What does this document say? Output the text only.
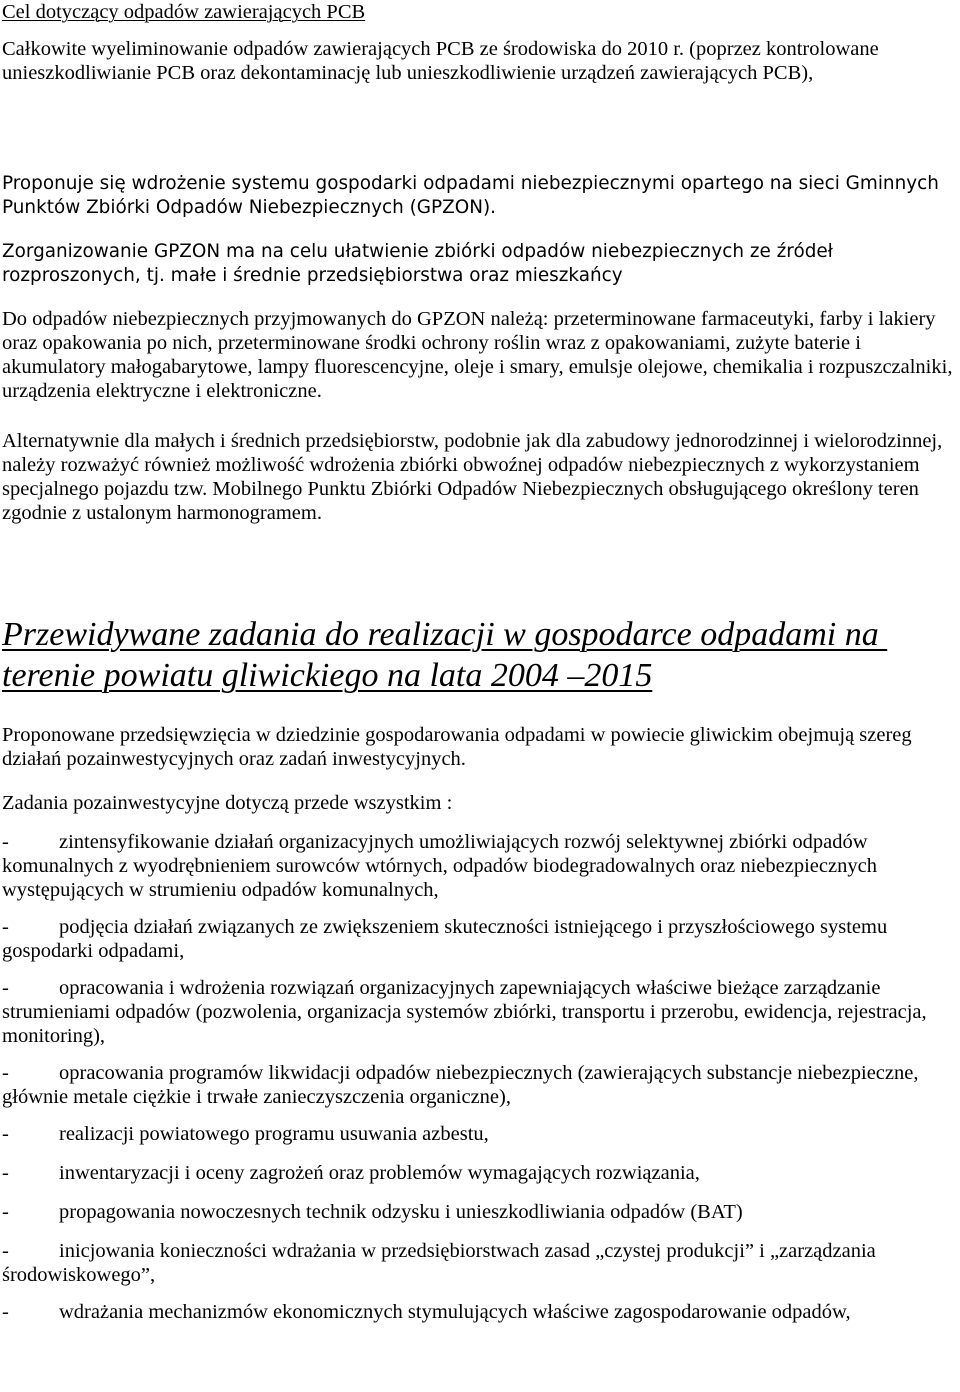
Cel dotyczący odpadów zawierających PCB

Całkowite wyeliminowanie odpadów zawierających PCB ze środowiska do 2010 r. (poprzez kontrolowane unieszkodliwianie PCB oraz dekontaminację lub unieszkodliwienie urządzeń zawierających PCB),

Proponuje się wdrożenie systemu gospodarki odpadami niebezpiecznymi opartego na sieci Gminnych Punktów Zbiórki Odpadów Niebezpiecznych (GPZON).

Zorganizowanie GPZON ma na celu ułatwienie zbiórki odpadów niebezpiecznych ze źródeł rozproszonych, tj. małe i średnie przedsiębiorstwa oraz mieszkańcy

Do odpadów niebezpiecznych przyjmowanych do GPZON należą: przeterminowane farmaceutyki, farby i lakiery oraz opakowania po nich, przeterminowane środki ochrony roślin wraz z opakowaniami, zużyte baterie i akumulatory małogabarytowe, lampy fluorescencyjne, oleje i smary, emulsje olejowe, chemikalia i rozpuszczalniki, urządzenia elektryczne i elektroniczne.

Alternatywnie dla małych i średnich przedsiębiorstw, podobnie jak dla zabudowy jednorodzinnej i wielorodzinnej, należy rozważyć również możliwość wdrożenia zbiórki obwoźnej odpadów niebezpiecznych z wykorzystaniem specjalnego pojazdu tzw. Mobilnego Punktu Zbiórki Odpadów Niebezpiecznych obsługującego określony teren zgodnie z ustalonym harmonogramem.

Przewidywane zadania do realizacji w gospodarce odpadami na
terenie powiatu gliwickiego na lata 2004 –2015

Proponowane przedsięwzięcia w dziedzinie gospodarowania odpadami w powiecie gliwickim obejmują szereg działań pozainwestycyjnych oraz zadań inwestycyjnych.

Zadania pozainwestycyjne dotyczą przede wszystkim :

- zintensyfikowanie działań organizacyjnych umożliwiających rozwój selektywnej zbiórki odpadów komunalnych z wyodrębnieniem surowców wtórnych, odpadów biodegradowalnych oraz niebezpiecznych występujących w strumieniu odpadów komunalnych,

- podjęcia działań związanych ze zwiększeniem skuteczności istniejącego i przyszłościowego systemu gospodarki odpadami,

- opracowania i wdrożenia rozwiązań organizacyjnych zapewniających właściwe bieżące zarządzanie strumieniami odpadów (pozwolenia, organizacja systemów zbiórki, transportu i przerobu, ewidencja, rejestracja, monitoring),

- opracowania programów likwidacji odpadów niebezpiecznych (zawierających substancje niebezpieczne, głównie metale ciężkie i trwałe zanieczyszczenia organiczne),

- realizacji powiatowego programu usuwania azbestu,

- inwentaryzacji i oceny zagrożeń oraz problemów wymagających rozwiązania,

- propagowania nowoczesnych technik odzysku i unieszkodliwiania odpadów (BAT)

- inicjowania konieczności wdrażania w przedsiębiorstwach zasad „czystej produkcji” i „zarządzania środowiskowego”,

- wdrażania mechanizmów ekonomicznych stymulujących właściwe zagospodarowanie odpadów,
